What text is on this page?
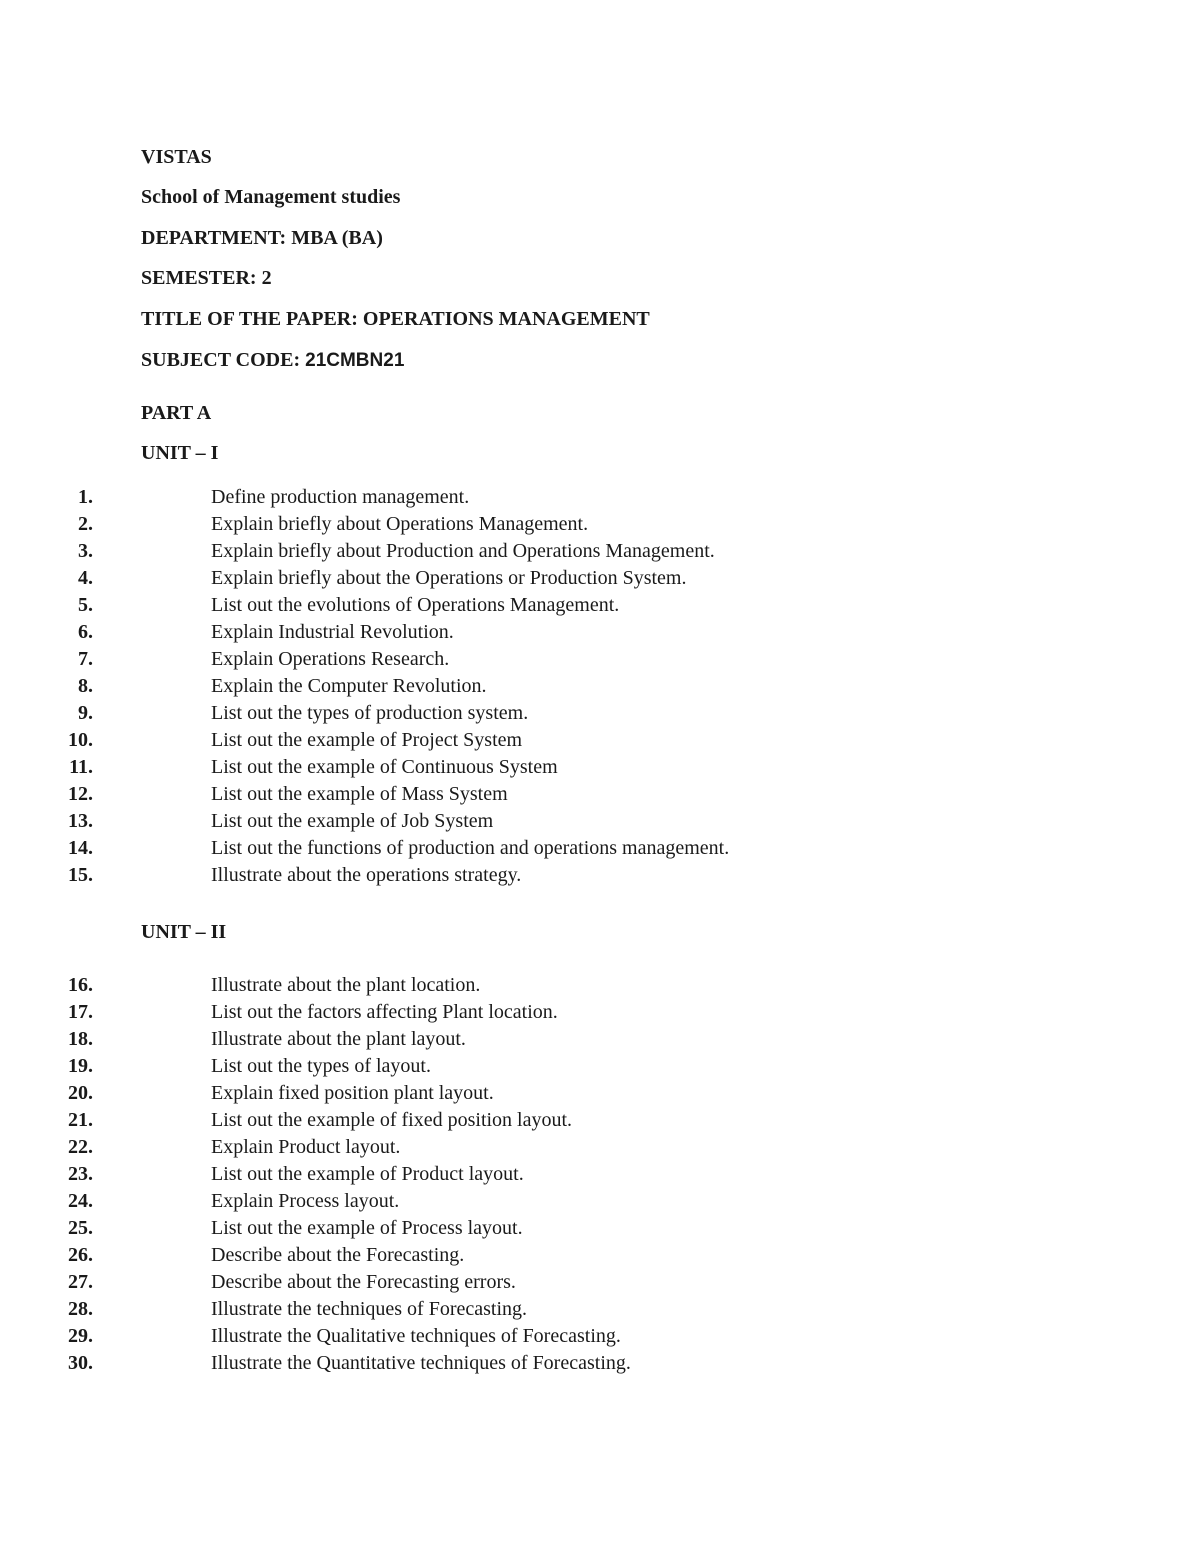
VISTAS
School of Management studies
DEPARTMENT: MBA (BA)
SEMESTER: 2
TITLE OF THE PAPER: OPERATIONS MANAGEMENT
SUBJECT CODE: 21CMBN21
PART A
UNIT – I
1.	Define production management.
2.	Explain briefly about Operations Management.
3.	Explain briefly about Production and Operations Management.
4.	Explain briefly about the Operations or Production System.
5.	List out the evolutions of Operations Management.
6.	Explain Industrial Revolution.
7.	Explain Operations Research.
8.	Explain the Computer Revolution.
9.	List out the types of production system.
10.	List out the example of Project System
11.	List out the example of Continuous System
12.	List out the example of Mass System
13.	List out the example of Job System
14.	List out the functions of production and operations management.
15.	Illustrate about the operations strategy.
UNIT – II
16.	Illustrate about the plant location.
17.	List out the factors affecting Plant location.
18.	Illustrate about the plant layout.
19.	List out the types of layout.
20.	Explain fixed position plant layout.
21.	List out the example of fixed position layout.
22.	Explain Product layout.
23.	List out the example of Product layout.
24.	Explain Process layout.
25.	List out the example of Process layout.
26.	Describe about the Forecasting.
27.	Describe about the Forecasting errors.
28.	Illustrate the techniques of Forecasting.
29.	Illustrate the Qualitative techniques of Forecasting.
30.	Illustrate the Quantitative techniques of Forecasting.
